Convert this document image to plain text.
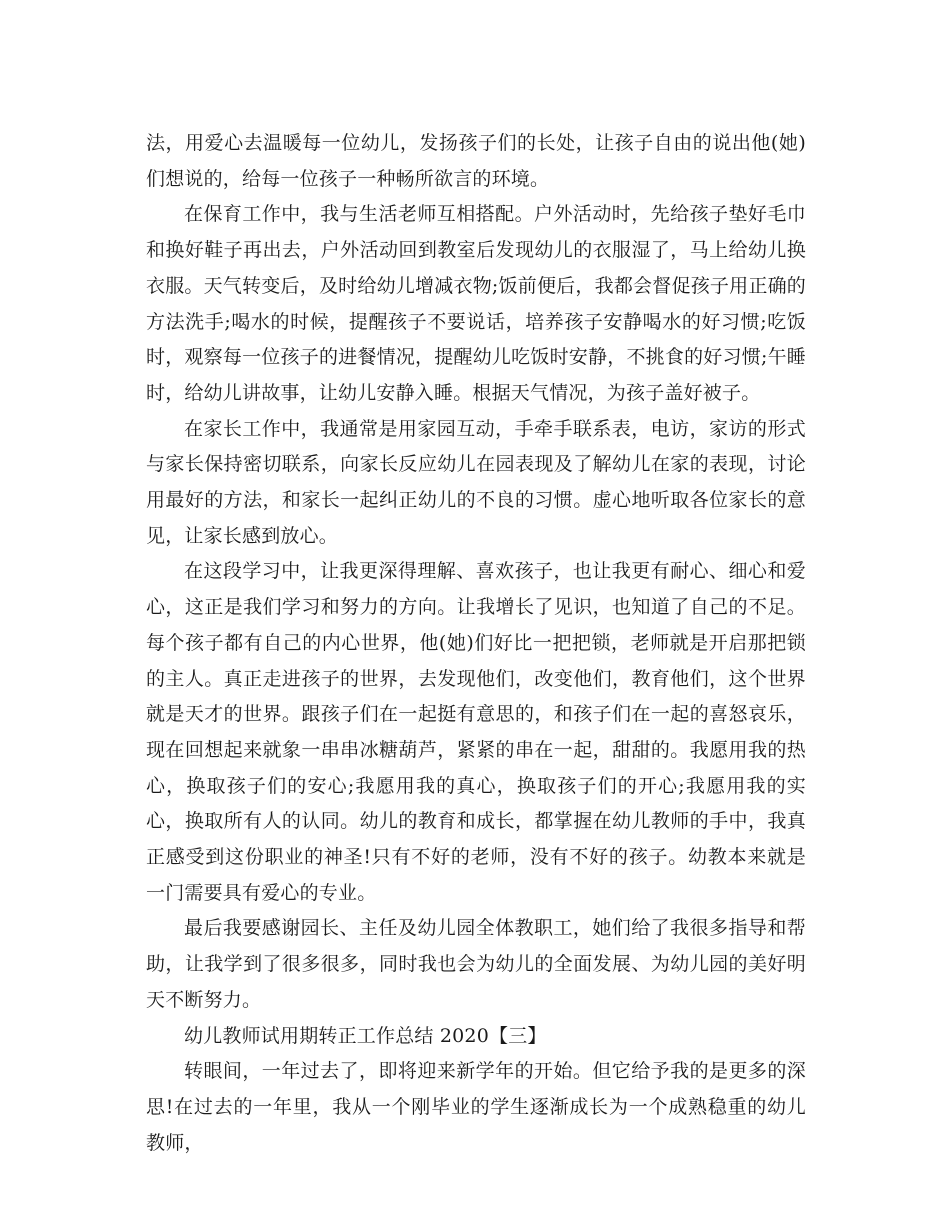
法，用爱心去温暖每一位幼儿，发扬孩子们的长处，让孩子自由的说出他(她)们想说的，给每一位孩子一种畅所欲言的环境。

在保育工作中，我与生活老师互相搭配。户外活动时，先给孩子垫好毛巾和换好鞋子再出去，户外活动回到教室后发现幼儿的衣服湿了，马上给幼儿换衣服。天气转变后，及时给幼儿增减衣物;饭前便后，我都会督促孩子用正确的方法洗手;喝水的时候，提醒孩子不要说话，培养孩子安静喝水的好习惯;吃饭时，观察每一位孩子的进餐情况，提醒幼儿吃饭时安静，不挑食的好习惯;午睡时，给幼儿讲故事，让幼儿安静入睡。根据天气情况，为孩子盖好被子。

在家长工作中，我通常是用家园互动，手牵手联系表，电访，家访的形式与家长保持密切联系，向家长反应幼儿在园表现及了解幼儿在家的表现，讨论用最好的方法，和家长一起纠正幼儿的不良的习惯。虚心地听取各位家长的意见，让家长感到放心。

在这段学习中，让我更深得理解、喜欢孩子，也让我更有耐心、细心和爱心，这正是我们学习和努力的方向。让我增长了见识，也知道了自己的不足。每个孩子都有自己的内心世界，他(她)们好比一把把锁，老师就是开启那把锁的主人。真正走进孩子的世界，去发现他们，改变他们，教育他们，这个世界就是天才的世界。跟孩子们在一起挺有意思的，和孩子们在一起的喜怒哀乐，现在回想起来就象一串串冰糖葫芦，紧紧的串在一起，甜甜的。我愿用我的热心，换取孩子们的安心;我愿用我的真心，换取孩子们的开心;我愿用我的实心，换取所有人的认同。幼儿的教育和成长，都掌握在幼儿教师的手中，我真正感受到这份职业的神圣!只有不好的老师，没有不好的孩子。幼教本来就是一门需要具有爱心的专业。

最后我要感谢园长、主任及幼儿园全体教职工，她们给了我很多指导和帮助，让我学到了很多很多，同时我也会为幼儿的全面发展、为幼儿园的美好明天不断努力。

幼儿教师试用期转正工作总结 2020【三】

转眼间，一年过去了，即将迎来新学年的开始。但它给予我的是更多的深思!在过去的一年里，我从一个刚毕业的学生逐渐成长为一个成熟稳重的幼儿教师，
